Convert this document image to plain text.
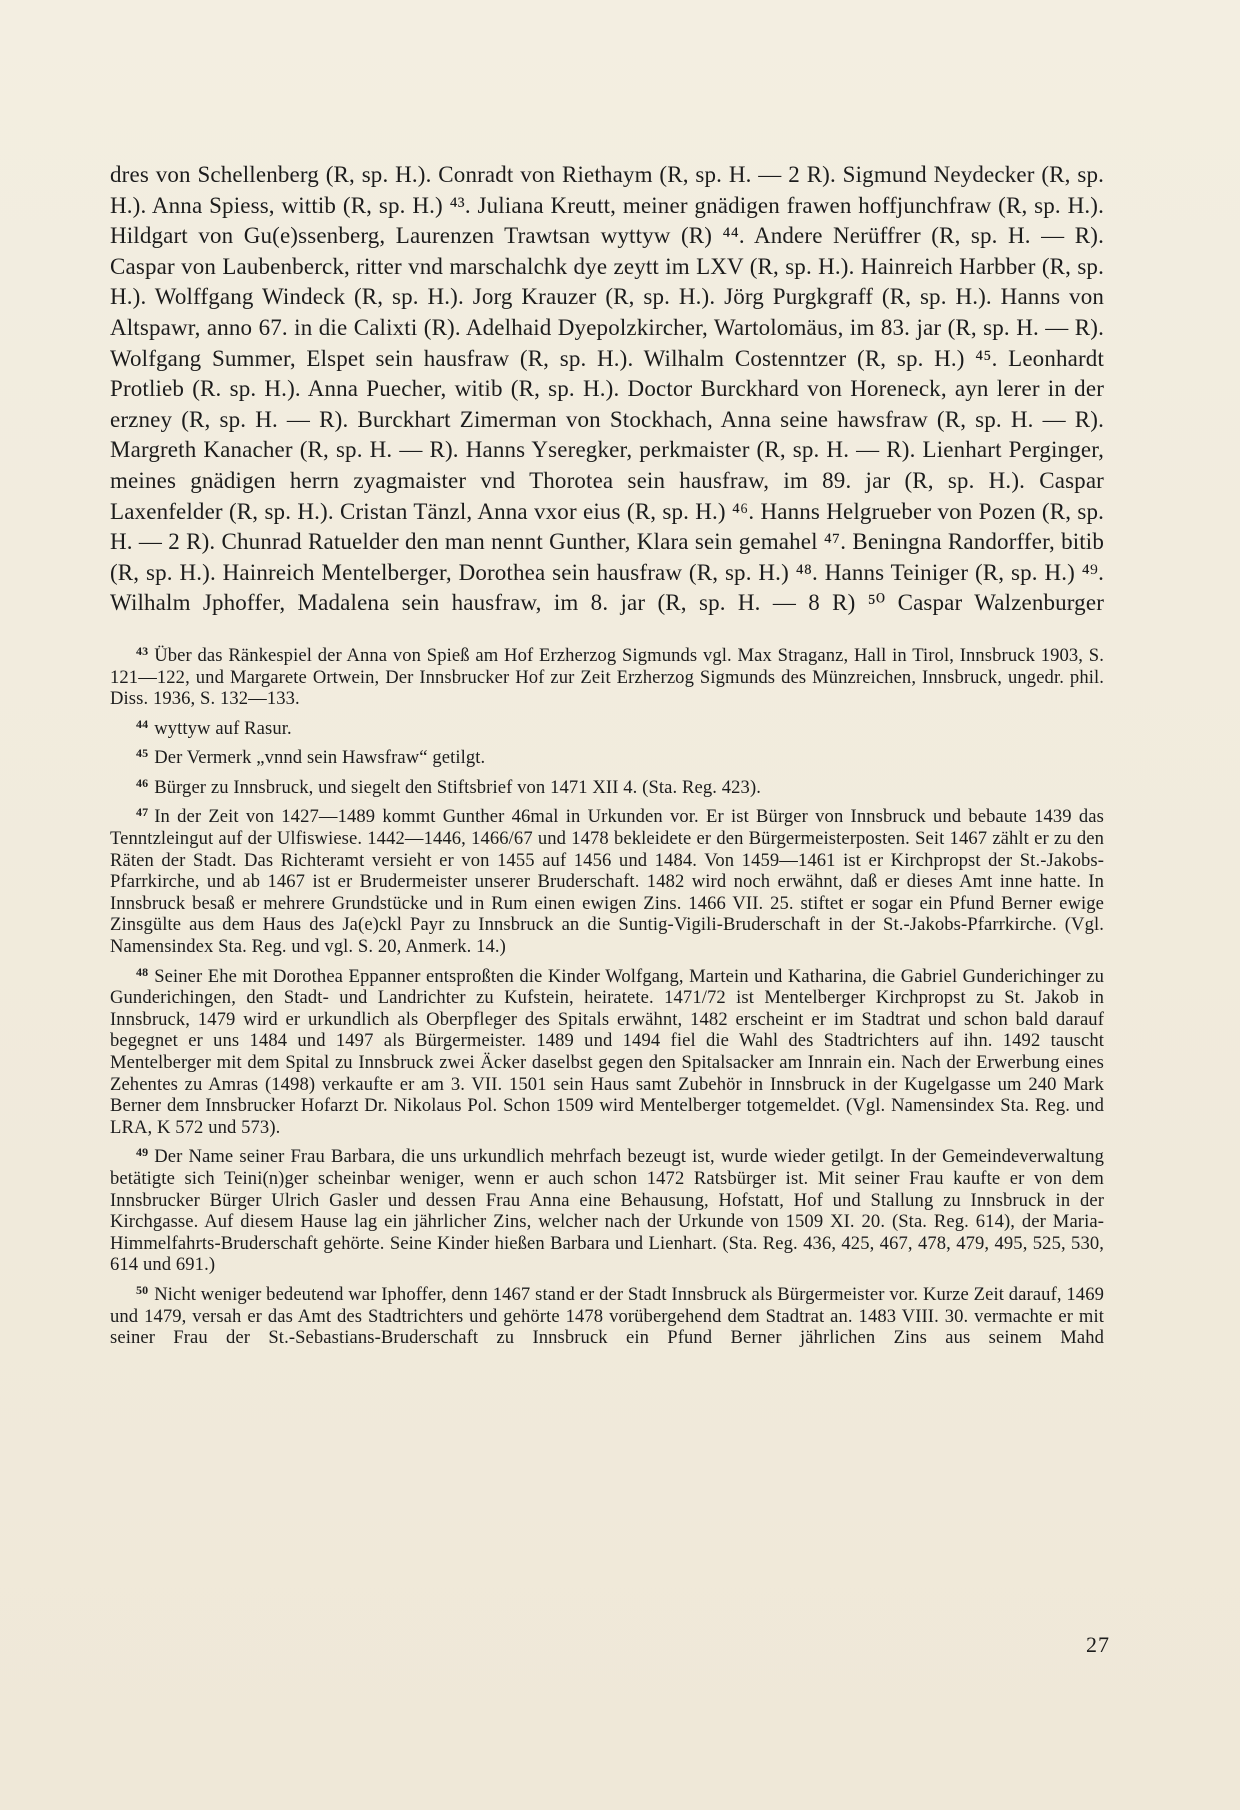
dres von Schellenberg (R, sp. H.). Conradt von Riethaym (R, sp. H. — 2 R). Sigmund Neydecker (R, sp. H.). Anna Spiess, wittib (R, sp. H.) ⁴³. Juliana Kreutt, meiner gnädigen frawen hoffjunchfraw (R, sp. H.). Hildgart von Gu(e)ssenberg, Laurenzen Trawtsan wyttyw (R) ⁴⁴. Andere Nerüffrer (R, sp. H. — R). Caspar von Laubenberck, ritter vnd marschalchk dye zeytt im LXV (R, sp. H.). Hainreich Harbber (R, sp. H.). Wolffgang Windeck (R, sp. H.). Jorg Krauzer (R, sp. H.). Jörg Purgkgraff (R, sp. H.). Hanns von Altspawr, anno 67. in die Calixti (R). Adelhaid Dyepolzkircher, Wartolomäus, im 83. jar (R, sp. H. — R). Wolfgang Summer, Elspet sein hausfraw (R, sp. H.). Wilhalm Costenntzer (R, sp. H.) ⁴⁵. Leonhardt Protlieb (R. sp. H.). Anna Puecher, witib (R, sp. H.). Doctor Burckhard von Horeneck, ayn lerer in der erzney (R, sp. H. — R). Burckhart Zimerman von Stockhach, Anna seine hawsfraw (R, sp. H. — R). Margreth Kanacher (R, sp. H. — R). Hanns Yseregker, perkmaister (R, sp. H. — R). Lienhart Perginger, meines gnädigen herrn zyagmaister vnd Thorotea sein hausfraw, im 89. jar (R, sp. H.). Caspar Laxenfelder (R, sp. H.). Cristan Tänzl, Anna vxor eius (R, sp. H.) ⁴⁶. Hanns Helgrueber von Pozen (R, sp. H. — 2 R). Chunrad Ratuelder den man nennt Gunther, Klara sein gemahel ⁴⁷. Beningna Randorffer, bitib (R, sp. H.). Hainreich Mentelberger, Dorothea sein hausfraw (R, sp. H.) ⁴⁸. Hanns Teiniger (R, sp. H.) ⁴⁹. Wilhalm Jphoffer, Madalena sein hausfraw, im 8. jar (R, sp. H. — 8 R) ⁵⁰ Caspar Walzenburger

$^{43}$ Über das Ränkespiel der Anna von Spieß am Hof Erzherzog Sigmunds vgl. Max Straganz, Hall in Tirol, Innsbruck 1903, S. 121—122, und Margarete Ortwein, Der Innsbrucker Hof zur Zeit Erzherzog Sigmunds des Münzreichen, Innsbruck, ungedr. phil. Diss. 1936, S. 132—133.

$^{44}$ wyttyw auf Rasur.

$^{45}$ Der Vermerk „vnnd sein Hawsfraw“ getilgt.

$^{46}$ Bürger zu Innsbruck, und siegelt den Stiftsbrief von 1471 XII 4. (Sta. Reg. 423).

$^{47}$ In der Zeit von 1427—1489 kommt Gunther 46mal in Urkunden vor. Er ist Bürger von Innsbruck und bebaute 1439 das Tenntzleingut auf der Ulfiswiese. 1442—1446, 1466/67 und 1478 bekleidete er den Bürgermeisterposten. Seit 1467 zählt er zu den Räten der Stadt. Das Richteramt versieht er von 1455 auf 1456 und 1484. Von 1459—1461 ist er Kirchpropst der St.-Jakobs-Pfarrkirche, und ab 1467 ist er Brudermeister unserer Bruderschaft. 1482 wird noch erwähnt, daß er dieses Amt inne hatte. In Innsbruck besaß er mehrere Grundstücke und in Rum einen ewigen Zins. 1466 VII. 25. stiftet er sogar ein Pfund Berner ewige Zinsgülte aus dem Haus des Ja(e)ckl Payr zu Innsbruck an die Suntig-Vigili-Bruderschaft in der St.-Jakobs-Pfarrkirche. (Vgl. Namensindex Sta. Reg. und vgl. S. 20, Anmerk. 14.)

$^{48}$ Seiner Ehe mit Dorothea Eppanner entsproßten die Kinder Wolfgang, Martein und Katharina, die Gabriel Gunderichinger zu Gunderichingen, den Stadt- und Landrichter zu Kufstein, heiratete. 1471/72 ist Mentelberger Kirchpropst zu St. Jakob in Innsbruck, 1479 wird er urkundlich als Oberpfleger des Spitals erwähnt, 1482 erscheint er im Stadtrat und schon bald darauf begegnet er uns 1484 und 1497 als Bürgermeister. 1489 und 1494 fiel die Wahl des Stadtrichters auf ihn. 1492 tauscht Mentelberger mit dem Spital zu Innsbruck zwei Äcker daselbst gegen den Spitalsacker am Innrain ein. Nach der Erwerbung eines Zehentes zu Amras (1498) verkaufte er am 3. VII. 1501 sein Haus samt Zubehör in Innsbruck in der Kugelgasse um 240 Mark Berner dem Innsbrucker Hofarzt Dr. Nikolaus Pol. Schon 1509 wird Mentelberger totgemeldet. (Vgl. Namensindex Sta. Reg. und LRA, K 572 und 573).

$^{49}$ Der Name seiner Frau Barbara, die uns urkundlich mehrfach bezeugt ist, wurde wieder getilgt. In der Gemeindeverwaltung betätigte sich Teini(n)ger scheinbar weniger, wenn er auch schon 1472 Ratsbürger ist. Mit seiner Frau kaufte er von dem Innsbrucker Bürger Ulrich Gasler und dessen Frau Anna eine Behausung, Hofstatt, Hof und Stallung zu Innsbruck in der Kirchgasse. Auf diesem Hause lag ein jährlicher Zins, welcher nach der Urkunde von 1509 XI. 20. (Sta. Reg. 614), der Maria-Himmelfahrts-Bruderschaft gehörte. Seine Kinder hießen Barbara und Lienhart. (Sta. Reg. 436, 425, 467, 478, 479, 495, 525, 530, 614 und 691.)

$^{50}$ Nicht weniger bedeutend war Iphoffer, denn 1467 stand er der Stadt Innsbruck als Bürgermeister vor. Kurze Zeit darauf, 1469 und 1479, versah er das Amt des Stadtrichters und gehörte 1478 vorübergehend dem Stadtrat an. 1483 VIII. 30. vermachte er mit seiner Frau der St.-Sebastians-Bruderschaft zu Innsbruck ein Pfund Berner jährlichen Zins aus seinem Mahd

27
